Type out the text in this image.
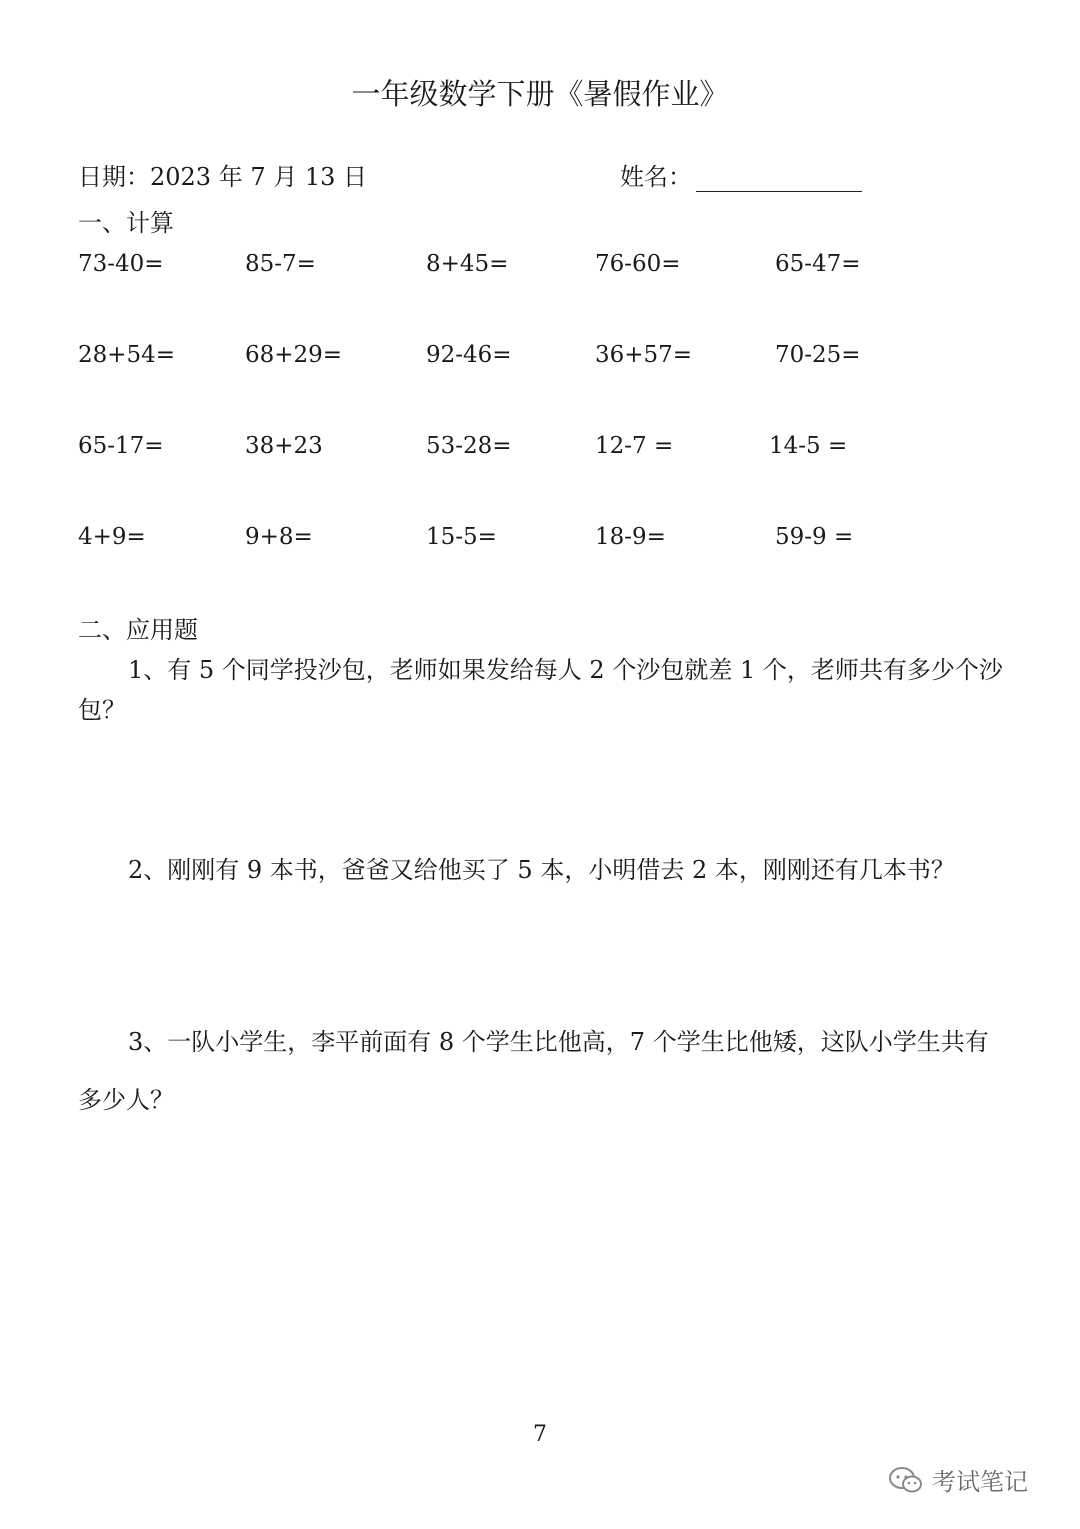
一年级数学下册《暑假作业》
日期：2023 年 7 月 13 日	姓名：
一、计算
73-40=	85-7=	8+45=	76-60=	65-47=
28+54=	68+29=	92-46=	36+57=	70-25=
65-17=	38+23	53-28=	12-7 =	14-5 =
4+9=	9+8=	15-5=	18-9=	59-9 =
二、应用题
1、有 5 个同学投沙包，老师如果发给每人 2 个沙包就差 1 个，老师共有多少个沙包？
2、刚刚有 9 本书，爸爸又给他买了 5 本，小明借去 2 本，刚刚还有几本书？
3、一队小学生，李平前面有 8 个学生比他高，7 个学生比他矮，这队小学生共有多少人？
7
考试笔记
